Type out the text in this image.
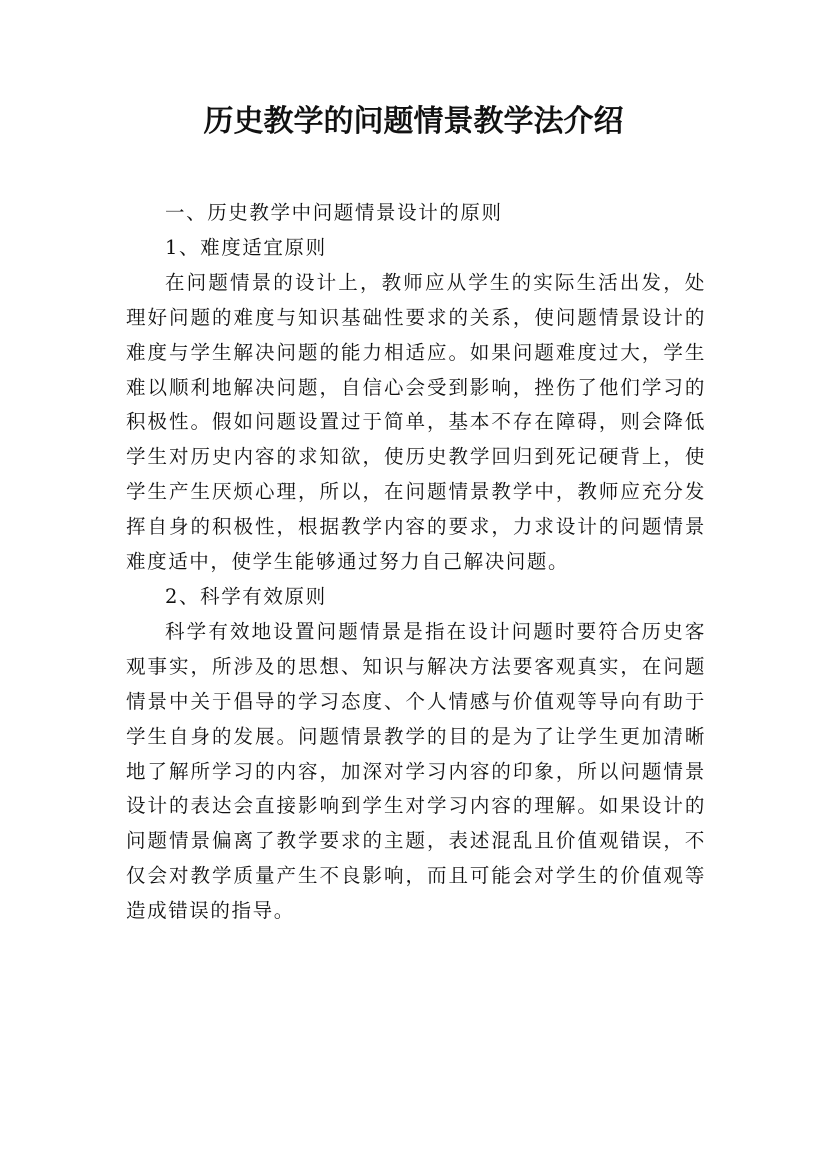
历史教学的问题情景教学法介绍

一、历史教学中问题情景设计的原则

1、难度适宜原则

在问题情景的设计上，教师应从学生的实际生活出发，处理好问题的难度与知识基础性要求的关系，使问题情景设计的难度与学生解决问题的能力相适应。如果问题难度过大，学生难以顺利地解决问题，自信心会受到影响，挫伤了他们学习的积极性。假如问题设置过于简单，基本不存在障碍，则会降低学生对历史内容的求知欲，使历史教学回归到死记硬背上，使学生产生厌烦心理，所以，在问题情景教学中，教师应充分发挥自身的积极性，根据教学内容的要求，力求设计的问题情景难度适中，使学生能够通过努力自己解决问题。

2、科学有效原则

科学有效地设置问题情景是指在设计问题时要符合历史客观事实，所涉及的思想、知识与解决方法要客观真实，在问题情景中关于倡导的学习态度、个人情感与价值观等导向有助于学生自身的发展。问题情景教学的目的是为了让学生更加清晰地了解所学习的内容，加深对学习内容的印象，所以问题情景设计的表达会直接影响到学生对学习内容的理解。如果设计的问题情景偏离了教学要求的主题，表述混乱且价值观错误，不仅会对教学质量产生不良影响，而且可能会对学生的价值观等造成错误的指导。
